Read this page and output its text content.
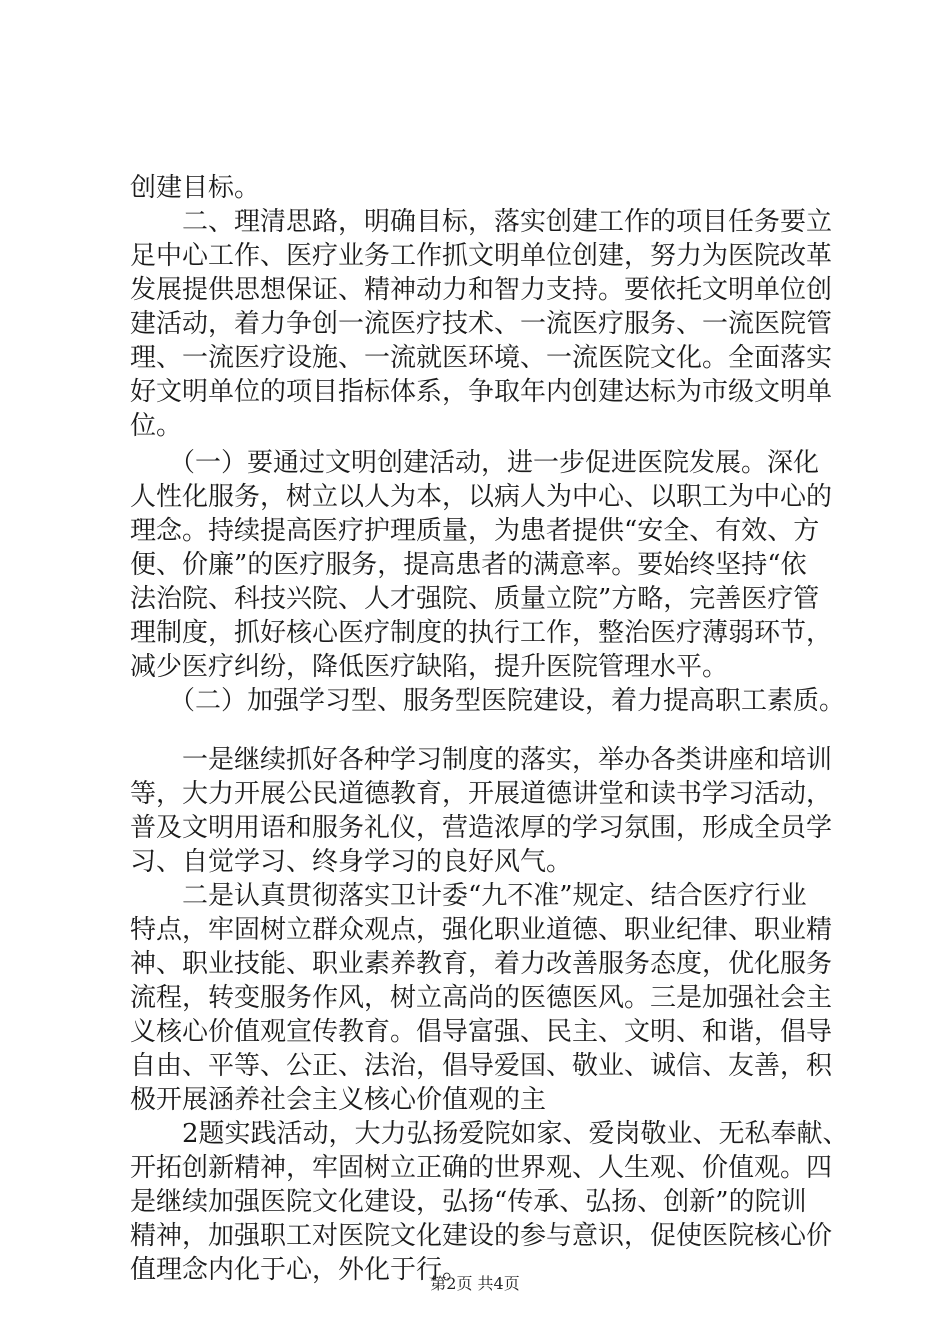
创建目标。
　　二、理清思路，明确目标，落实创建工作的项目任务要立
足中心工作、医疗业务工作抓文明单位创建，努力为医院改革
发展提供思想保证、精神动力和智力支持。要依托文明单位创
建活动，着力争创一流医疗技术、一流医疗服务、一流医院管
理、一流医疗设施、一流就医环境、一流医院文化。全面落实
好文明单位的项目指标体系，争取年内创建达标为市级文明单
位。
　　（一）要通过文明创建活动，进一步促进医院发展。深化
人性化服务，树立以人为本，以病人为中心、以职工为中心的
理念。持续提高医疗护理质量，为患者提供“安全、有效、方
便、价廉”的医疗服务，提高患者的满意率。要始终坚持“依
法治院、科技兴院、人才强院、质量立院”方略，完善医疗管
理制度，抓好核心医疗制度的执行工作，整治医疗薄弱环节，
减少医疗纠纷，降低医疗缺陷，提升医院管理水平。
　　（二）加强学习型、服务型医院建设，着力提高职工素质。
　　一是继续抓好各种学习制度的落实，举办各类讲座和培训
等，大力开展公民道德教育，开展道德讲堂和读书学习活动，
普及文明用语和服务礼仪，营造浓厚的学习氛围，形成全员学
习、自觉学习、终身学习的良好风气。
　　二是认真贯彻落实卫计委“九不准”规定、结合医疗行业
特点，牢固树立群众观点，强化职业道德、职业纪律、职业精
神、职业技能、职业素养教育，着力改善服务态度，优化服务
流程，转变服务作风，树立高尚的医德医风。三是加强社会主
义核心价值观宣传教育。倡导富强、民主、文明、和谐，倡导
自由、平等、公正、法治，倡导爱国、敬业、诚信、友善，积
极开展涵养社会主义核心价值观的主
　　2题实践活动，大力弘扬爱院如家、爱岗敬业、无私奉献、
开拓创新精神，牢固树立正确的世界观、人生观、价值观。四
是继续加强医院文化建设，弘扬“传承、弘扬、创新”的院训
精神，加强职工对医院文化建设的参与意识，促使医院核心价
值理念内化于心，外化于行。
第2页 共4页
